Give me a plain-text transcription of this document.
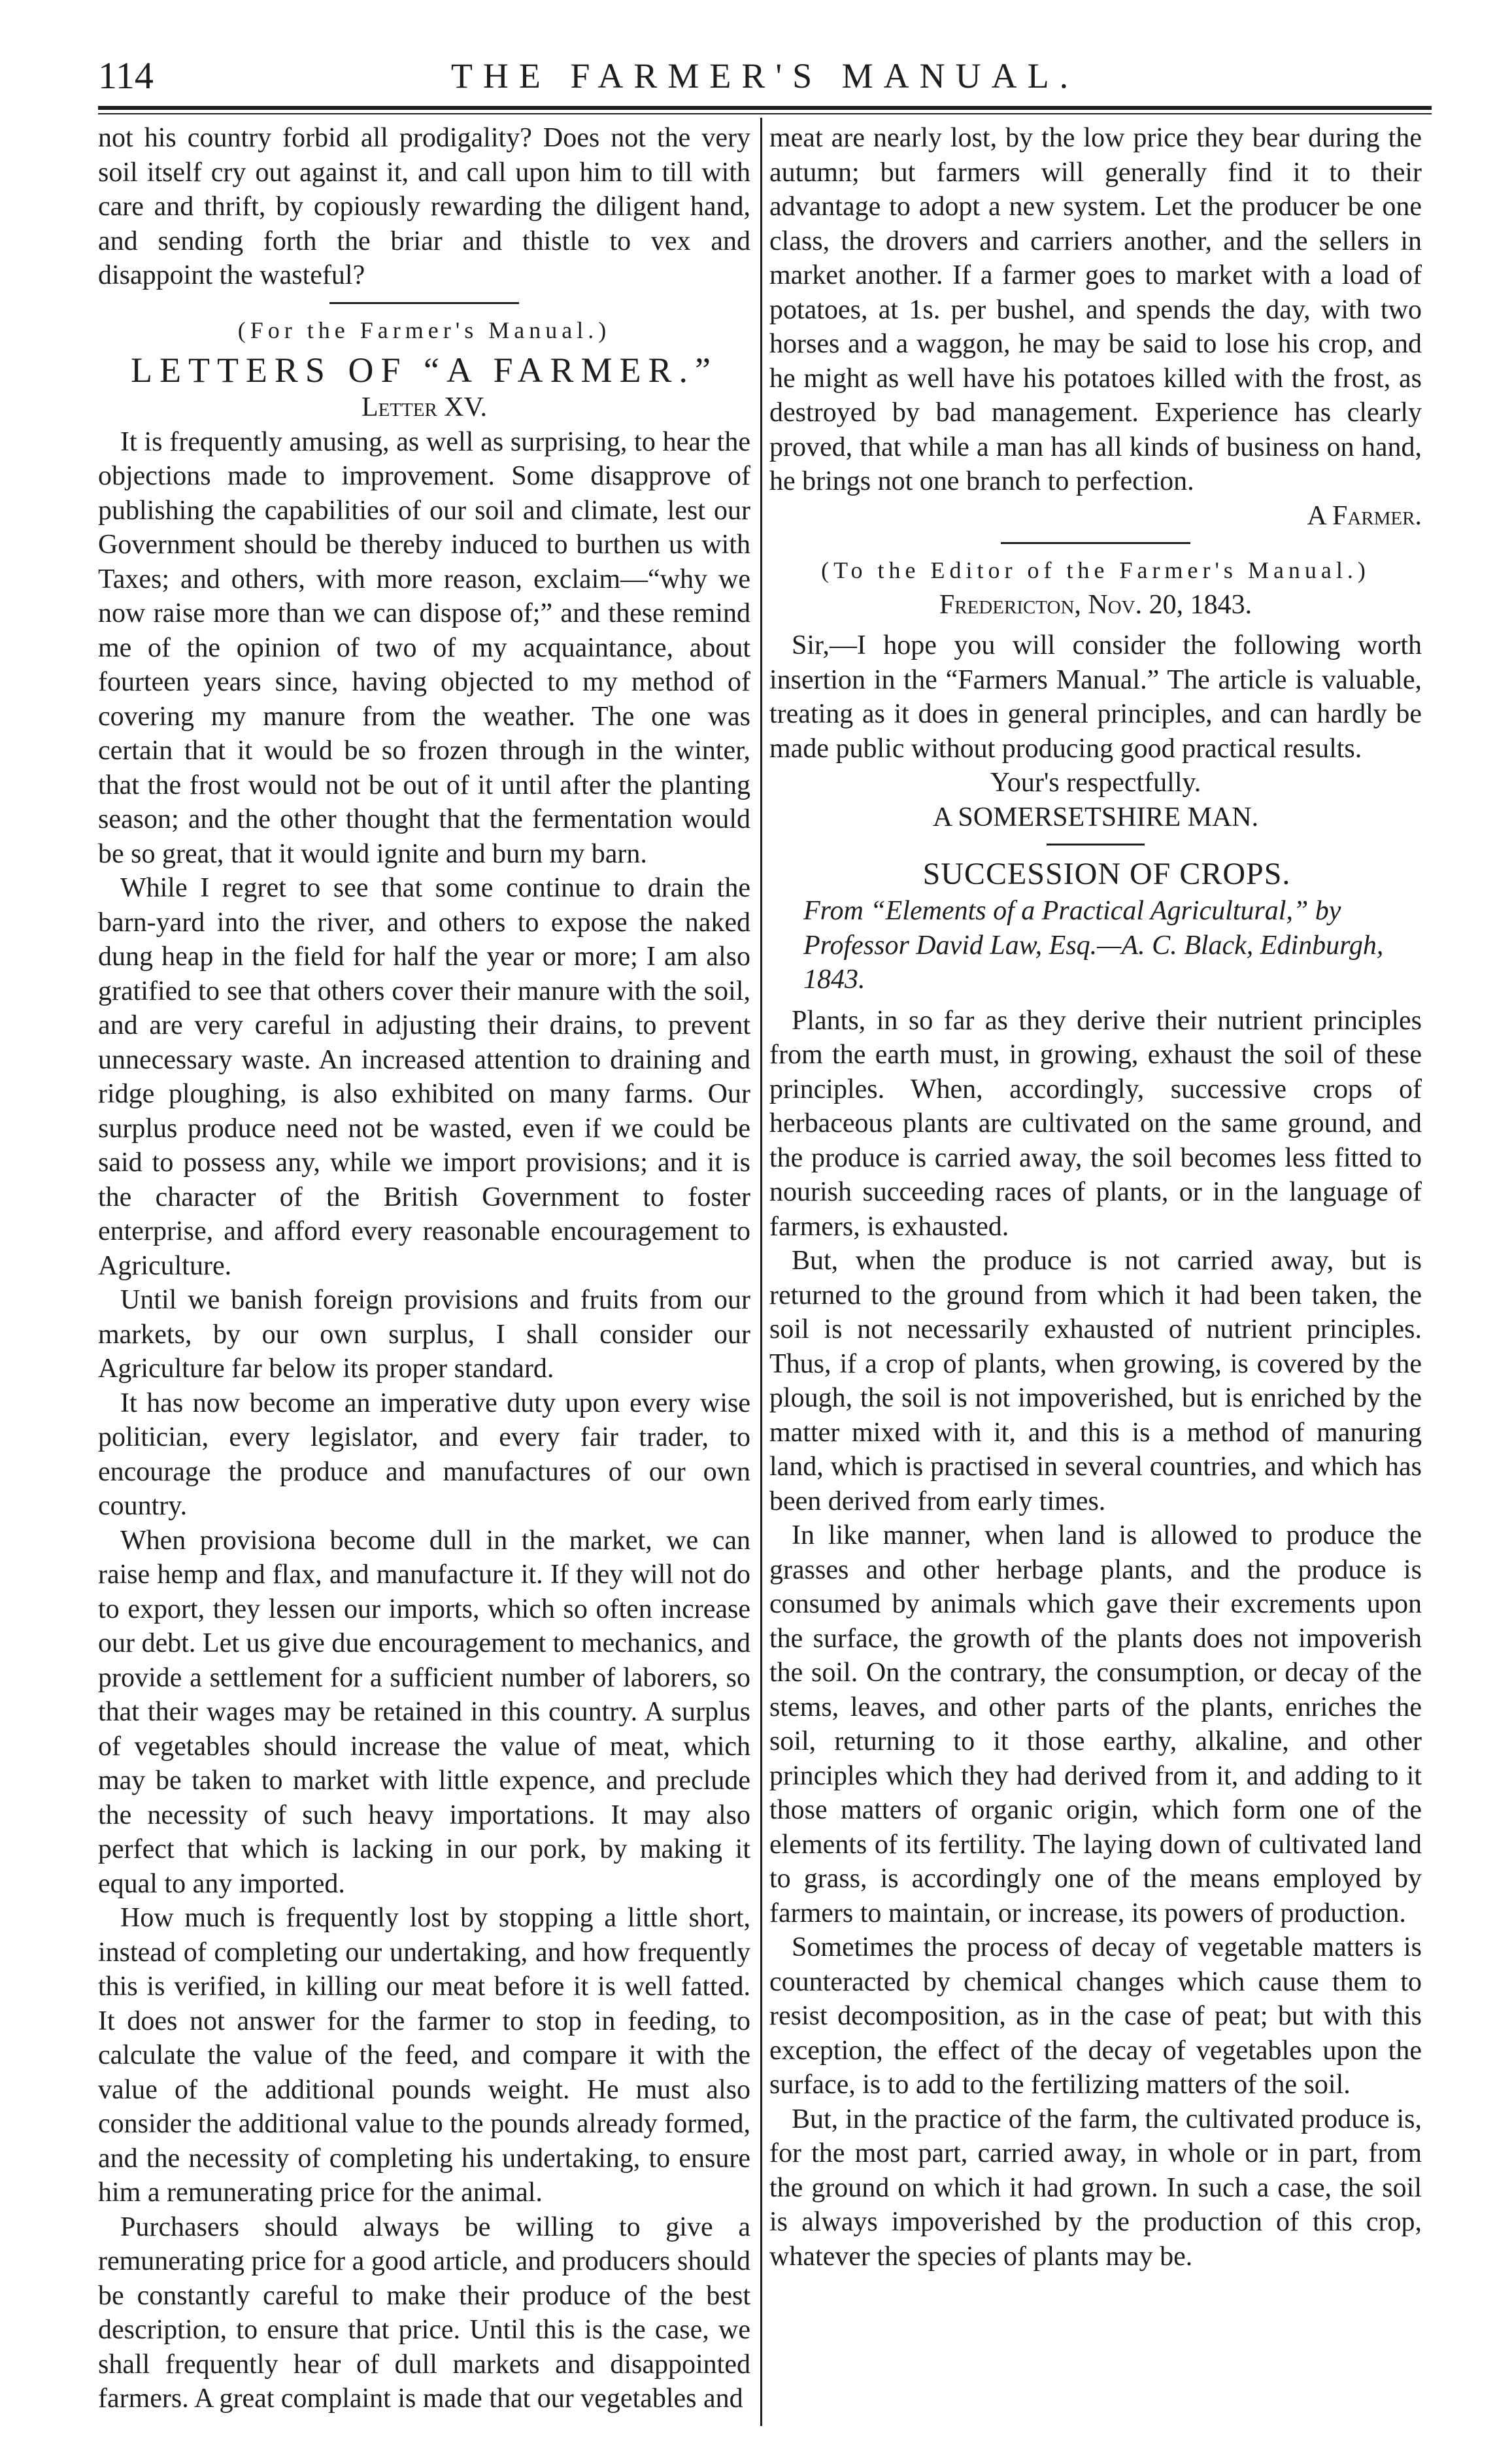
114	THE FARMER'S MANUAL.

not his country forbid all prodigality? Does not the very soil itself cry out against it, and call upon him to till with care and thrift, by copiously rewarding the diligent hand, and sending forth the briar and thistle to vex and disappoint the wasteful?

(For the Farmer's Manual.)

LETTERS OF “A FARMER.”

Letter XV.

It is frequently amusing, as well as surprising, to hear the objections made to improvement. Some disapprove of publishing the capabilities of our soil and climate, lest our Government should be thereby induced to burthen us with Taxes; and others, with more reason, exclaim—“why we now raise more than we can dispose of;” and these remind me of the opinion of two of my acquaintance, about fourteen years since, having objected to my method of covering my manure from the weather. The one was certain that it would be so frozen through in the winter, that the frost would not be out of it until after the planting season; and the other thought that the fermentation would be so great, that it would ignite and burn my barn.

While I regret to see that some continue to drain the barn-yard into the river, and others to expose the naked dung heap in the field for half the year or more; I am also gratified to see that others cover their manure with the soil, and are very careful in adjusting their drains, to prevent unnecessary waste. An increased attention to draining and ridge ploughing, is also exhibited on many farms. Our surplus produce need not be wasted, even if we could be said to possess any, while we import provisions; and it is the character of the British Government to foster enterprise, and afford every reasonable encouragement to Agriculture.

Until we banish foreign provisions and fruits from our markets, by our own surplus, I shall consider our Agriculture far below its proper standard.

It has now become an imperative duty upon every wise politician, every legislator, and every fair trader, to encourage the produce and manufactures of our own country.

When provisiona become dull in the market, we can raise hemp and flax, and manufacture it. If they will not do to export, they lessen our imports, which so often increase our debt. Let us give due encouragement to mechanics, and provide a settlement for a sufficient number of laborers, so that their wages may be retained in this country. A surplus of vegetables should increase the value of meat, which may be taken to market with little expence, and preclude the necessity of such heavy importations. It may also perfect that which is lacking in our pork, by making it equal to any imported.

How much is frequently lost by stopping a little short, instead of completing our undertaking, and how frequently this is verified, in killing our meat before it is well fatted. It does not answer for the farmer to stop in feeding, to calculate the value of the feed, and compare it with the value of the additional pounds weight. He must also consider the additional value to the pounds already formed, and the necessity of completing his undertaking, to ensure him a remunerating price for the animal.

Purchasers should always be willing to give a remunerating price for a good article, and producers should be constantly careful to make their produce of the best description, to ensure that price. Until this is the case, we shall frequently hear of dull markets and disappointed farmers. A great complaint is made that our vegetables and

meat are nearly lost, by the low price they bear during the autumn; but farmers will generally find it to their advantage to adopt a new system. Let the producer be one class, the drovers and carriers another, and the sellers in market another. If a farmer goes to market with a load of potatoes, at 1s. per bushel, and spends the day, with two horses and a waggon, he may be said to lose his crop, and he might as well have his potatoes killed with the frost, as destroyed by bad management. Experience has clearly proved, that while a man has all kinds of business on hand, he brings not one branch to perfection.

A Farmer.

(To the Editor of the Farmer's Manual.)

Fredericton, Nov. 20, 1843.

Sir,—I hope you will consider the following worth insertion in the “Farmers Manual.” The article is valuable, treating as it does in general principles, and can hardly be made public without producing good practical results.

Your's respectfully.

A SOMERSETSHIRE MAN.

SUCCESSION OF CROPS.

From “Elements of a Practical Agricultural,” by Professor David Law, Esq.—A. C. Black, Edinburgh, 1843.

Plants, in so far as they derive their nutrient principles from the earth must, in growing, exhaust the soil of these principles. When, accordingly, successive crops of herbaceous plants are cultivated on the same ground, and the produce is carried away, the soil becomes less fitted to nourish succeeding races of plants, or in the language of farmers, is exhausted.

But, when the produce is not carried away, but is returned to the ground from which it had been taken, the soil is not necessarily exhausted of nutrient principles. Thus, if a crop of plants, when growing, is covered by the plough, the soil is not impoverished, but is enriched by the matter mixed with it, and this is a method of manuring land, which is practised in several countries, and which has been derived from early times.

In like manner, when land is allowed to produce the grasses and other herbage plants, and the produce is consumed by animals which gave their excrements upon the surface, the growth of the plants does not impoverish the soil. On the contrary, the consumption, or decay of the stems, leaves, and other parts of the plants, enriches the soil, returning to it those earthy, alkaline, and other principles which they had derived from it, and adding to it those matters of organic origin, which form one of the elements of its fertility. The laying down of cultivated land to grass, is accordingly one of the means employed by farmers to maintain, or increase, its powers of production.

Sometimes the process of decay of vegetable matters is counteracted by chemical changes which cause them to resist decomposition, as in the case of peat; but with this exception, the effect of the decay of vegetables upon the surface, is to add to the fertilizing matters of the soil.

But, in the practice of the farm, the cultivated produce is, for the most part, carried away, in whole or in part, from the ground on which it had grown. In such a case, the soil is always impoverished by the production of this crop, whatever the species of plants may be.
